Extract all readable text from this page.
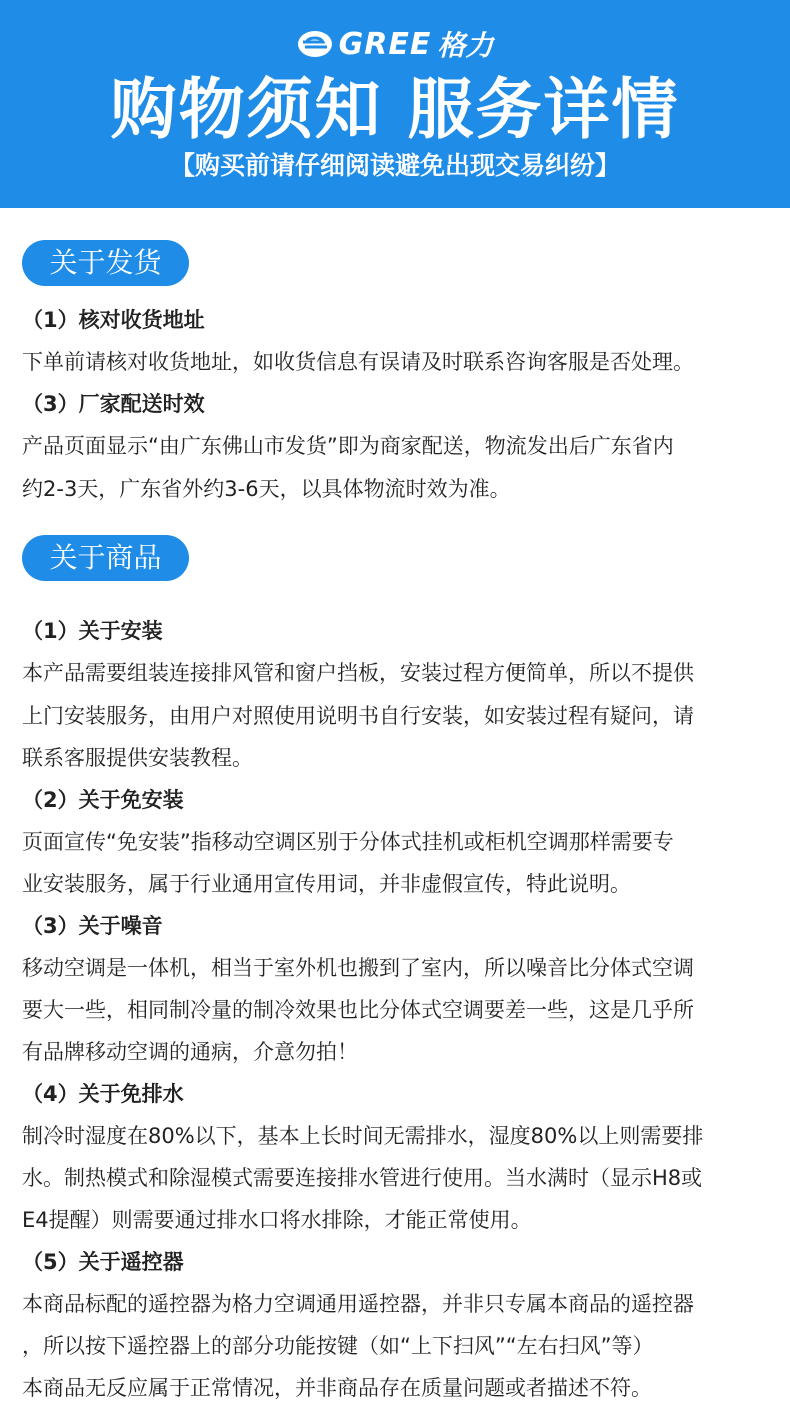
GREE 格力
购物须知 服务详情
【购买前请仔细阅读避免出现交易纠纷】
关于发货
（1）核对收货地址
下单前请核对收货地址，如收货信息有误请及时联系咨询客服是否处理。
（3）厂家配送时效
产品页面显示“由广东佛山市发货”即为商家配送，物流发出后广东省内
约2-3天，广东省外约3-6天，以具体物流时效为准。
关于商品
（1）关于安装
本产品需要组装连接排风管和窗户挡板，安装过程方便简单，所以不提供
上门安装服务，由用户对照使用说明书自行安装，如安装过程有疑问，请
联系客服提供安装教程。
（2）关于免安装
页面宣传“免安装”指移动空调区别于分体式挂机或柜机空调那样需要专
业安装服务，属于行业通用宣传用词，并非虚假宣传，特此说明。
（3）关于噪音
移动空调是一体机，相当于室外机也搬到了室内，所以噪音比分体式空调
要大一些，相同制冷量的制冷效果也比分体式空调要差一些，这是几乎所
有品牌移动空调的通病，介意勿拍！
（4）关于免排水
制冷时湿度在80%以下，基本上长时间无需排水，湿度80%以上则需要排
水。制热模式和除湿模式需要连接排水管进行使用。当水满时（显示H8或
E4提醒）则需要通过排水口将水排除，才能正常使用。
（5）关于遥控器
本商品标配的遥控器为格力空调通用遥控器，并非只专属本商品的遥控器
，所以按下遥控器上的部分功能按键（如“上下扫风”“左右扫风”等）
本商品无反应属于正常情况，并非商品存在质量问题或者描述不符。
